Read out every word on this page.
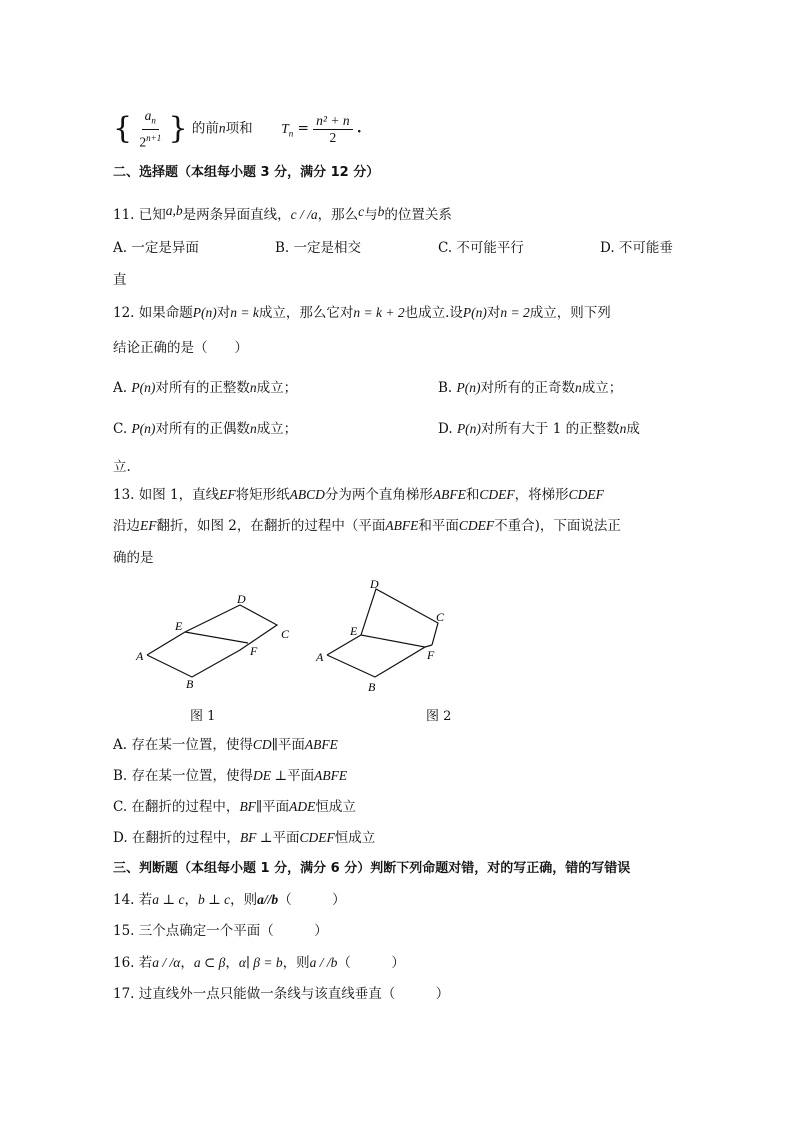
{ $\frac{a_n}{2^{n+1}}$ } 的前n项和 $T_n = \frac{\text{n² + n}}{2}$ .
二、选择题（本组每小题 3 分，满分 12 分）
11. 已知a,b是两条异面直线，c / /a，那么c与b的位置关系
A. 一定是异面	B. 一定是相交	C. 不可能平行	D. 不可能垂
直
12. 如果命题P(n)对n = k成立，那么它对n = k + 2也成立.设P(n)对n = 2成立，则下列
结论正确的是（　　）
A. P(n)对所有的正整数n成立；	B. P(n)对所有的正奇数n成立；
C. P(n)对所有的正偶数n成立；	D. P(n)对所有大于 1 的正整数n成
立.
13. 如图 1，直线EF将矩形纸ABCD分为两个直角梯形ABFE和CDEF，将梯形CDEF
沿边EF翻折，如图 2，在翻折的过程中（平面ABFE和平面CDEF不重合)，下面说法正
确的是
A
B
C
D
E
F	A
B
C
D
E
F
图 1	图 2
A. 存在某一位置，使得CD∥平面ABFE
B. 存在某一位置，使得DE ⊥平面ABFE
C. 在翻折的过程中，BF∥平面ADE恒成立
D. 在翻折的过程中，BF ⊥平面CDEF恒成立
三、判断题（本组每小题 1 分，满分 6 分）判断下列命题对错，对的写正确，错的写错误
14. 若a ⊥ c，b ⊥ c，则a//b（　　　）
15. 三个点确定一个平面（　　　）
16. 若a / /α，a ⊂ β，α∣ β = b，则a / /b（　　　）
17. 过直线外一点只能做一条线与该直线垂直（　　　）
